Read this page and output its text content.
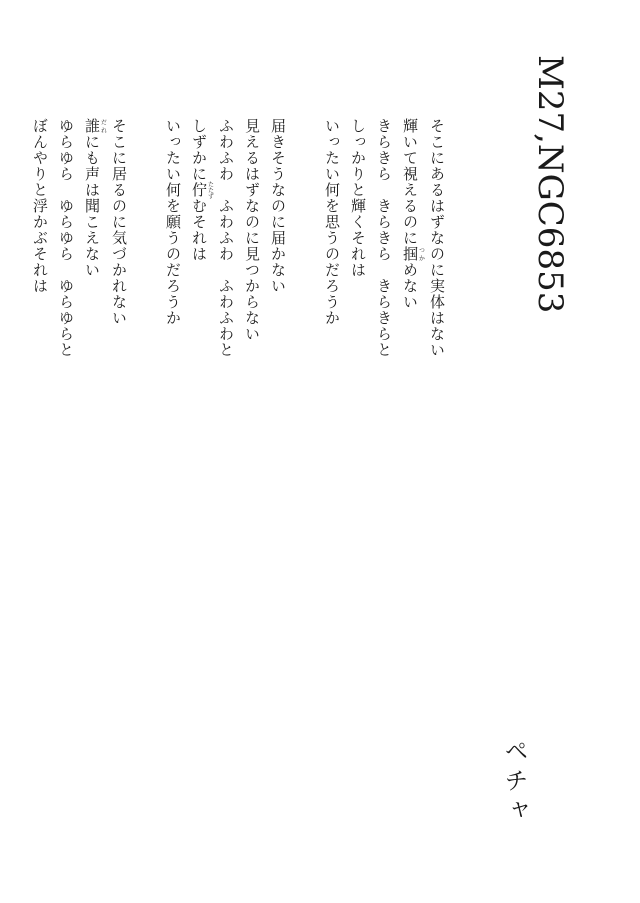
M27,NGC6853
そこにあるはずなのに実体はない
輝いて視えるのに掴つかめない
きらきら　きらきら　きらきらと
しっかりと輝くそれは
いったい何を思うのだろうか
届きそうなのに届かない
見えるはずなのに見つからない
ふわふわ　ふわふわ　ふわふわと
しずかに佇たたずむそれは
いったい何を願うのだろうか
そこに居るのに気づかれない
誰だれにも声は聞こえない
ゆらゆら　ゆらゆら　ゆらゆらと
ぼんやりと浮かぶそれは
ペチャ
